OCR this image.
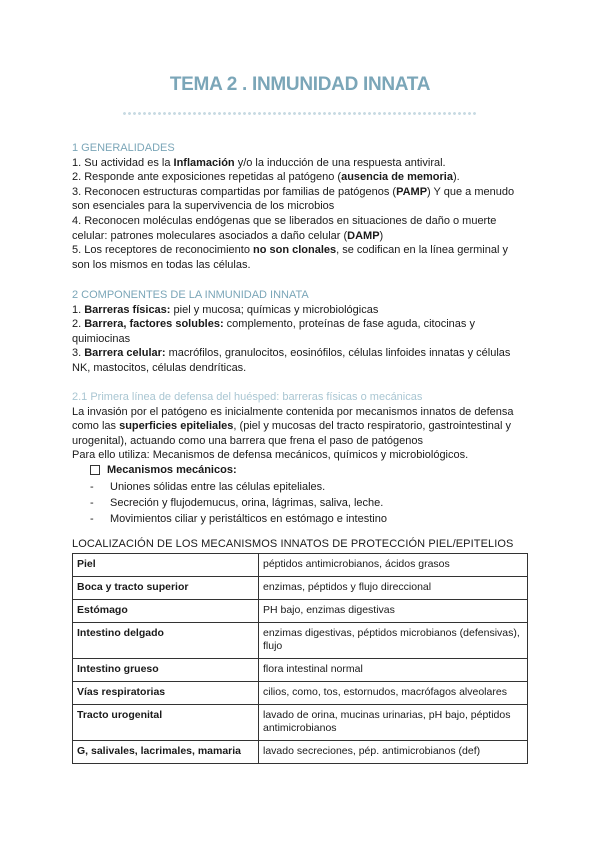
TEMA 2 . INMUNIDAD INNATA
1 GENERALIDADES

1. Su actividad es la Inflamación y/o la inducción de una respuesta antiviral.

2. Responde ante exposiciones repetidas al patógeno (ausencia de memoria).

3. Reconocen estructuras compartidas por familias de patógenos (PAMP) Y que a menudo son esenciales para la supervivencia de los microbios

4. Reconocen moléculas endógenas que se liberados en situaciones de daño o muerte celular: patrones moleculares asociados a daño celular (DAMP)

5. Los receptores de reconocimiento no son clonales, se codifican en la línea germinal y son los mismos en todas las células.

2 COMPONENTES DE LA INMUNIDAD INNATA

1. Barreras físicas: piel y mucosa; químicas y microbiológicas

2. Barrera, factores solubles: complemento, proteínas de fase aguda, citocinas y quimiocinas

3. Barrera celular: macrófilos, granulocitos, eosinófilos, células linfoides innatas y células NK, mastocitos, células dendríticas.

2.1 Primera línea de defensa del huésped: barreras físicas o mecánicas

La invasión por el patógeno es inicialmente contenida por mecanismos innatos de defensa como las superficies epiteliales, (piel y mucosas del tracto respiratorio, gastrointestinal y urogenital), actuando como una barrera que frena el paso de patógenos

Para ello utiliza: Mecanismos de defensa mecánicos, químicos y microbiológicos.

Mecanismos mecánicos:
- Uniones sólidas entre las células epiteliales.
- Secreción y flujodemucus, orina, lágrimas, saliva, leche.
- Movimientos ciliar y peristálticos en estómago e intestino
LOCALIZACIÓN DE LOS MECANISMOS INNATOS DE PROTECCIÓN PIEL/EPITELIOS
Piel	péptidos antimicrobianos, ácidos grasos
Boca y tracto superior	enzimas, péptidos y flujo direccional
Estómago	PH bajo, enzimas digestivas
Intestino delgado	enzimas digestivas, péptidos microbianos (defensivas), flujo
Intestino grueso	flora intestinal normal
Vías respiratorias	cilios, como, tos, estornudos, macrófagos alveolares
Tracto urogenital	lavado de orina, mucinas urinarias, pH bajo, péptidos antimicrobianos
G, salivales, lacrimales, mamaria	lavado secreciones, pép. antimicrobianos (def)
